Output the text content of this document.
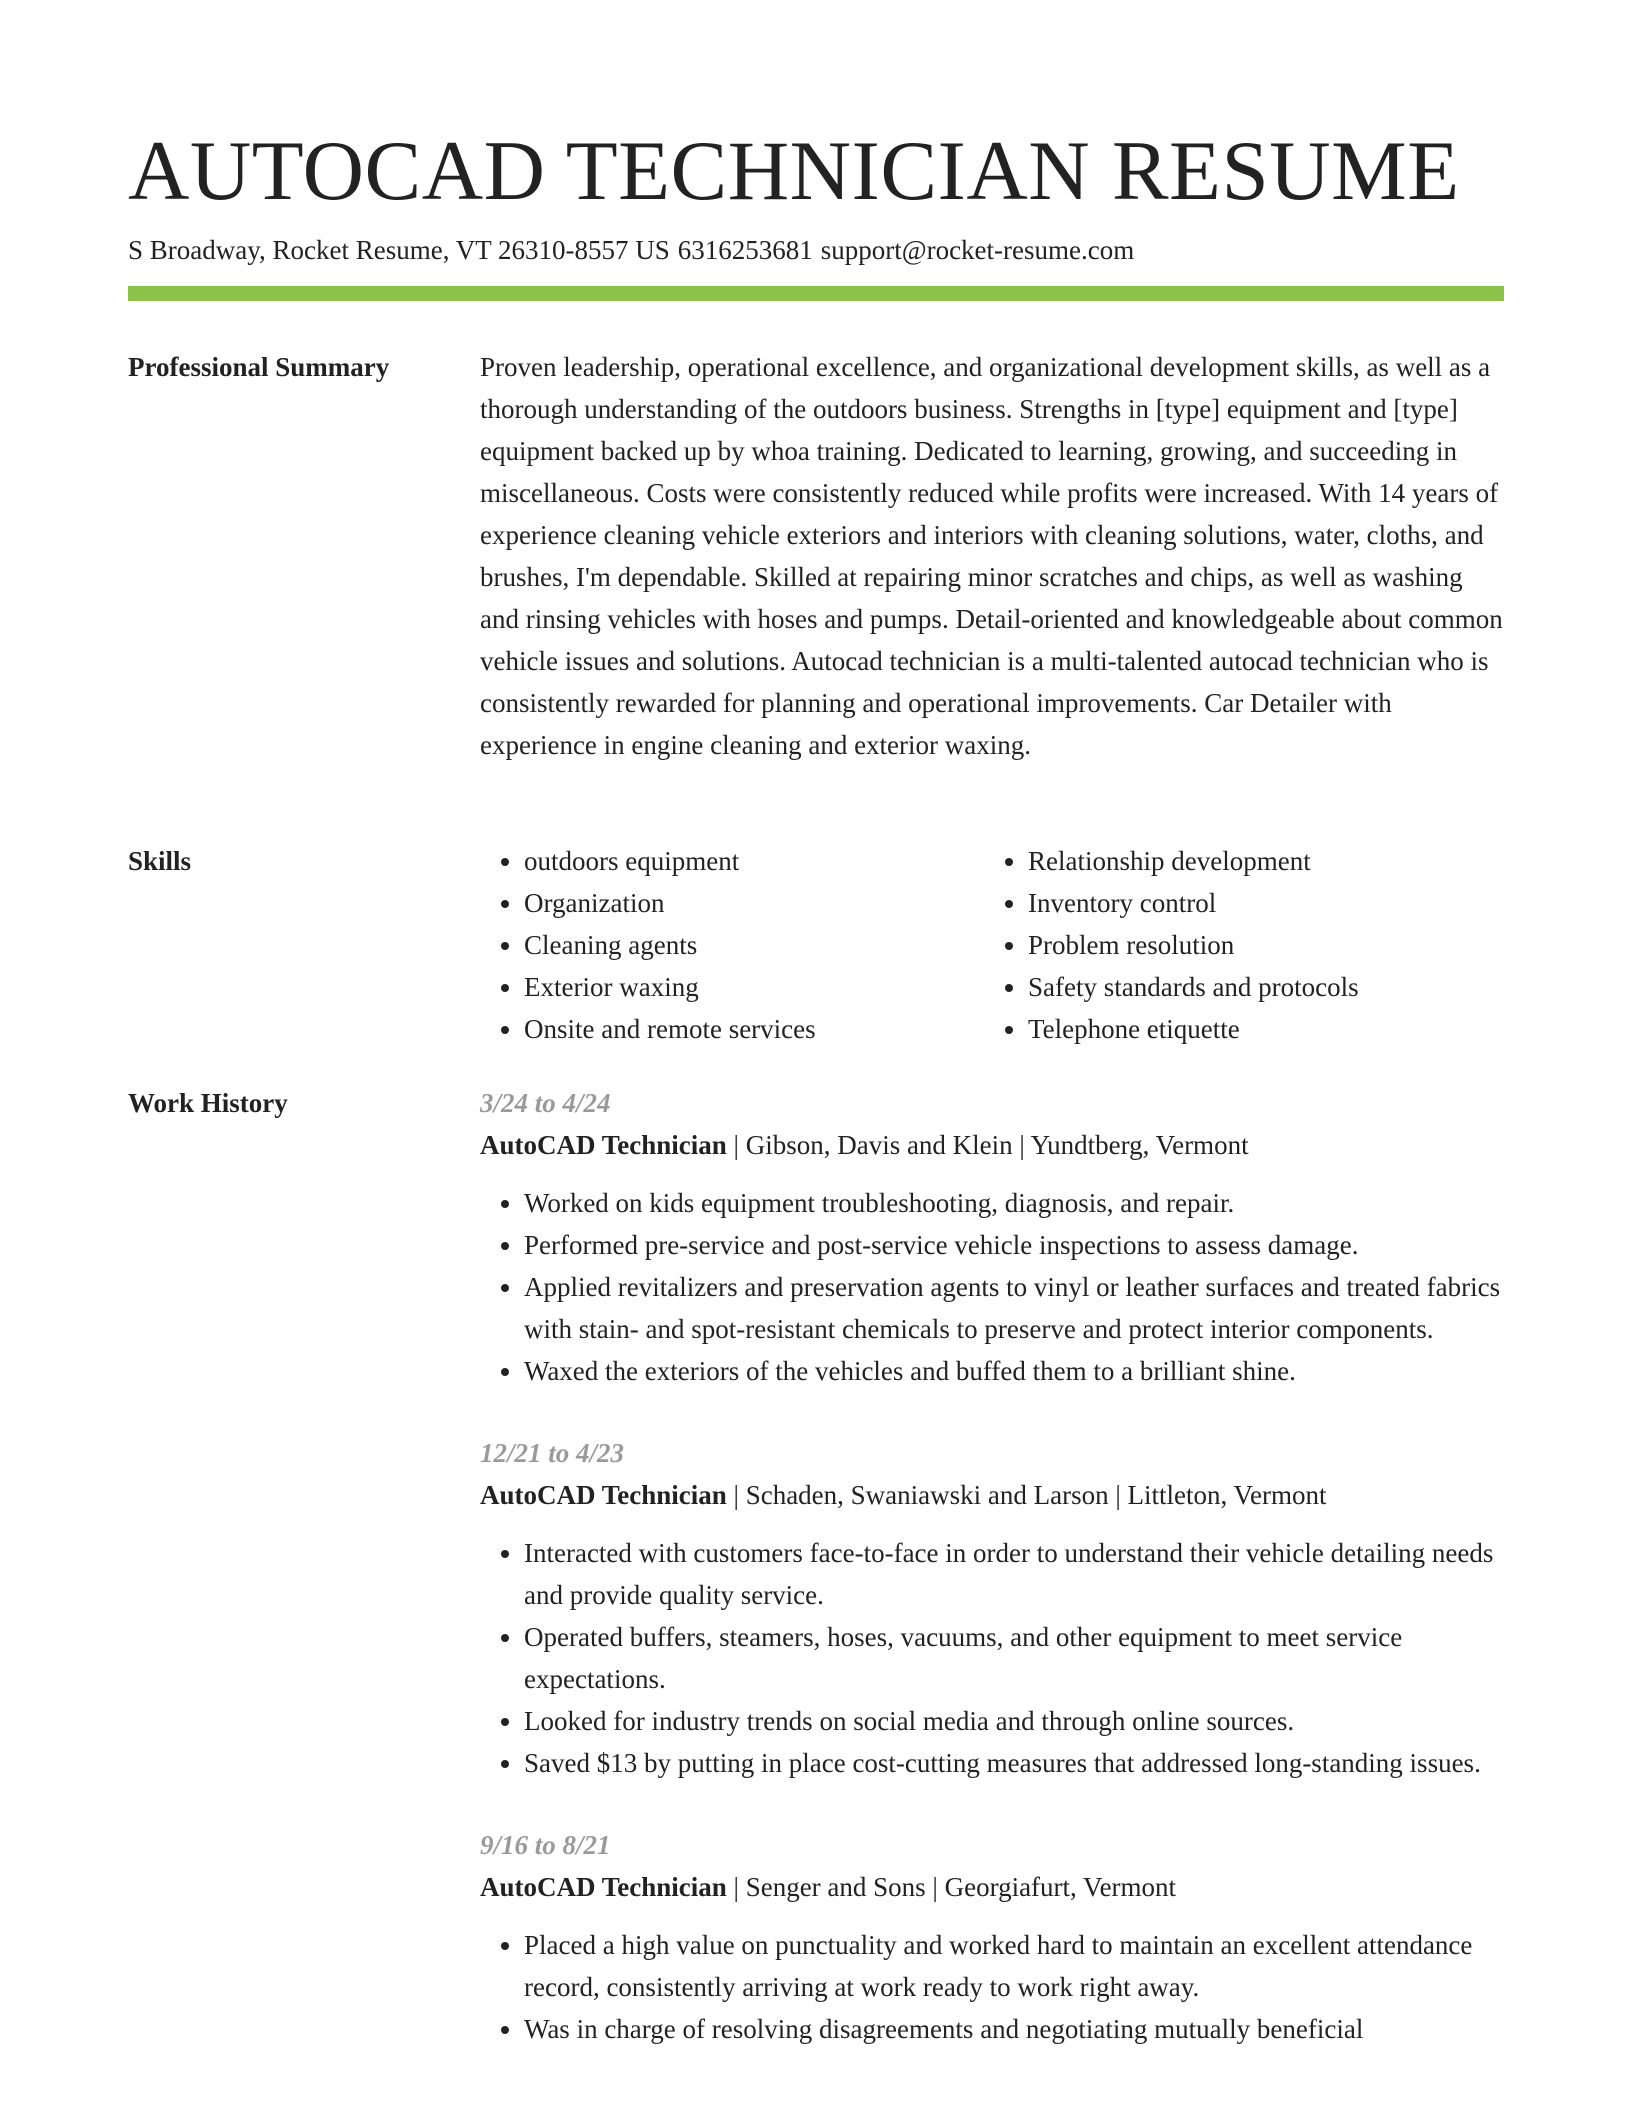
AUTOCAD TECHNICIAN RESUME
S Broadway, Rocket Resume, VT 26310-8557 US 6316253681 support@rocket-resume.com
Professional Summary	Proven leadership, operational excellence, and organizational development skills, as well as a thorough understanding of the outdoors business. Strengths in [type] equipment and [type] equipment backed up by whoa training. Dedicated to learning, growing, and succeeding in miscellaneous. Costs were consistently reduced while profits were increased. With 14 years of experience cleaning vehicle exteriors and interiors with cleaning solutions, water, cloths, and brushes, I'm dependable. Skilled at repairing minor scratches and chips, as well as washing and rinsing vehicles with hoses and pumps. Detail-oriented and knowledgeable about common vehicle issues and solutions. Autocad technician is a multi-talented autocad technician who is consistently rewarded for planning and operational improvements. Car Detailer with experience in engine cleaning and exterior waxing.

Skills
•	outdoors equipment
• Organization
• Cleaning agents
• Exterior waxing
• Onsite and remote services
• Relationship development
• Inventory control
• Problem resolution
• Safety standards and protocols
• Telephone etiquette
Work History	3/24 to 4/24
AutoCAD Technician | Gibson, Davis and Klein | Yundtberg, Vermont
• Worked on kids equipment troubleshooting, diagnosis, and repair.
• Performed pre-service and post-service vehicle inspections to assess damage.
• Applied revitalizers and preservation agents to vinyl or leather surfaces and treated fabrics with stain- and spot-resistant chemicals to preserve and protect interior components.
• Waxed the exteriors of the vehicles and buffed them to a brilliant shine.
12/21 to 4/23
AutoCAD Technician | Schaden, Swaniawski and Larson | Littleton, Vermont
• Interacted with customers face-to-face in order to understand their vehicle detailing needs and provide quality service.
• Operated buffers, steamers, hoses, vacuums, and other equipment to meet service expectations.
• Looked for industry trends on social media and through online sources.
• Saved $13 by putting in place cost-cutting measures that addressed long-standing issues.
9/16 to 8/21
AutoCAD Technician | Senger and Sons | Georgiafurt, Vermont
• Placed a high value on punctuality and worked hard to maintain an excellent attendance record, consistently arriving at work ready to work right away.
• Was in charge of resolving disagreements and negotiating mutually beneficial
